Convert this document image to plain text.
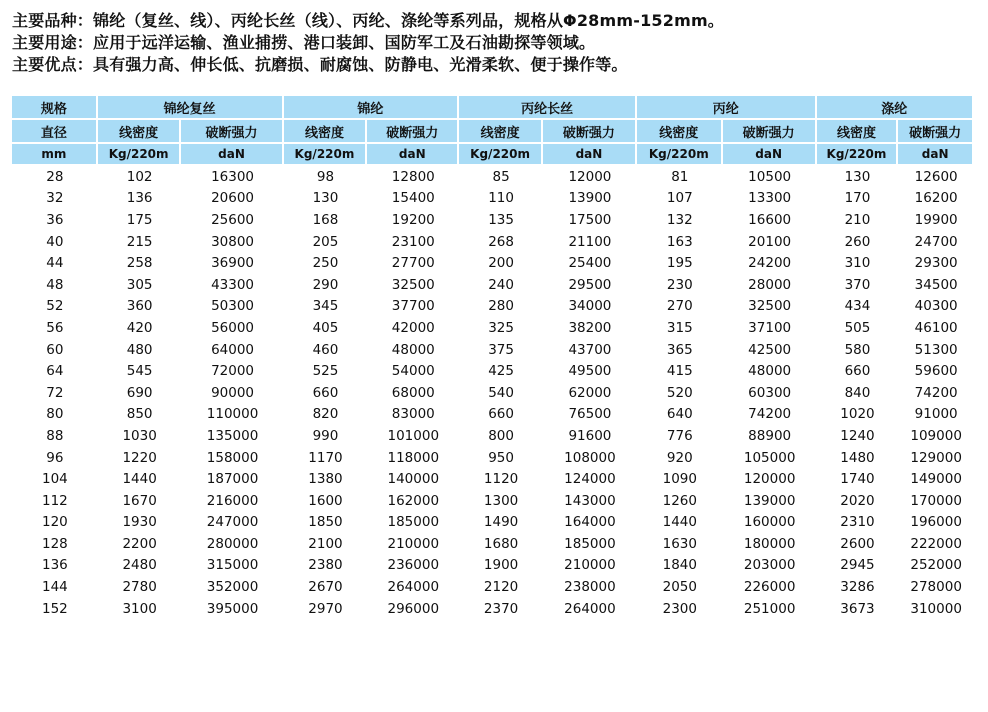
主要品种：锦纶（复丝、线）、丙纶长丝（线）、丙纶、涤纶等系列品，规格从Φ28mm-152mm。
主要用途：应用于远洋运输、渔业捕捞、港口装卸、国防军工及石油勘探等领域。
主要优点：具有强力高、伸长低、抗磨损、耐腐蚀、防静电、光滑柔软、便于操作等。
规格	锦纶复丝		锦纶		丙纶长丝		丙纶		涤纶	
直径	线密度	破断强力	线密度	破断强力	线密度	破断强力	线密度	破断强力	线密度	破断强力
mm	Kg/220m	daN	Kg/220m	daN	Kg/220m	daN	Kg/220m	daN	Kg/220m	daN
28	102	16300	98	12800	85	12000	81	10500	130	12600
32	136	20600	130	15400	110	13900	107	13300	170	16200
36	175	25600	168	19200	135	17500	132	16600	210	19900
40	215	30800	205	23100	268	21100	163	20100	260	24700
44	258	36900	250	27700	200	25400	195	24200	310	29300
48	305	43300	290	32500	240	29500	230	28000	370	34500
52	360	50300	345	37700	280	34000	270	32500	434	40300
56	420	56000	405	42000	325	38200	315	37100	505	46100
60	480	64000	460	48000	375	43700	365	42500	580	51300
64	545	72000	525	54000	425	49500	415	48000	660	59600
72	690	90000	660	68000	540	62000	520	60300	840	74200
80	850	110000	820	83000	660	76500	640	74200	1020	91000
88	1030	135000	990	101000	800	91600	776	88900	1240	109000
96	1220	158000	1170	118000	950	108000	920	105000	1480	129000
104	1440	187000	1380	140000	1120	124000	1090	120000	1740	149000
112	1670	216000	1600	162000	1300	143000	1260	139000	2020	170000
120	1930	247000	1850	185000	1490	164000	1440	160000	2310	196000
128	2200	280000	2100	210000	1680	185000	1630	180000	2600	222000
136	2480	315000	2380	236000	1900	210000	1840	203000	2945	252000
144	2780	352000	2670	264000	2120	238000	2050	226000	3286	278000
152	3100	395000	2970	296000	2370	264000	2300	251000	3673	310000
